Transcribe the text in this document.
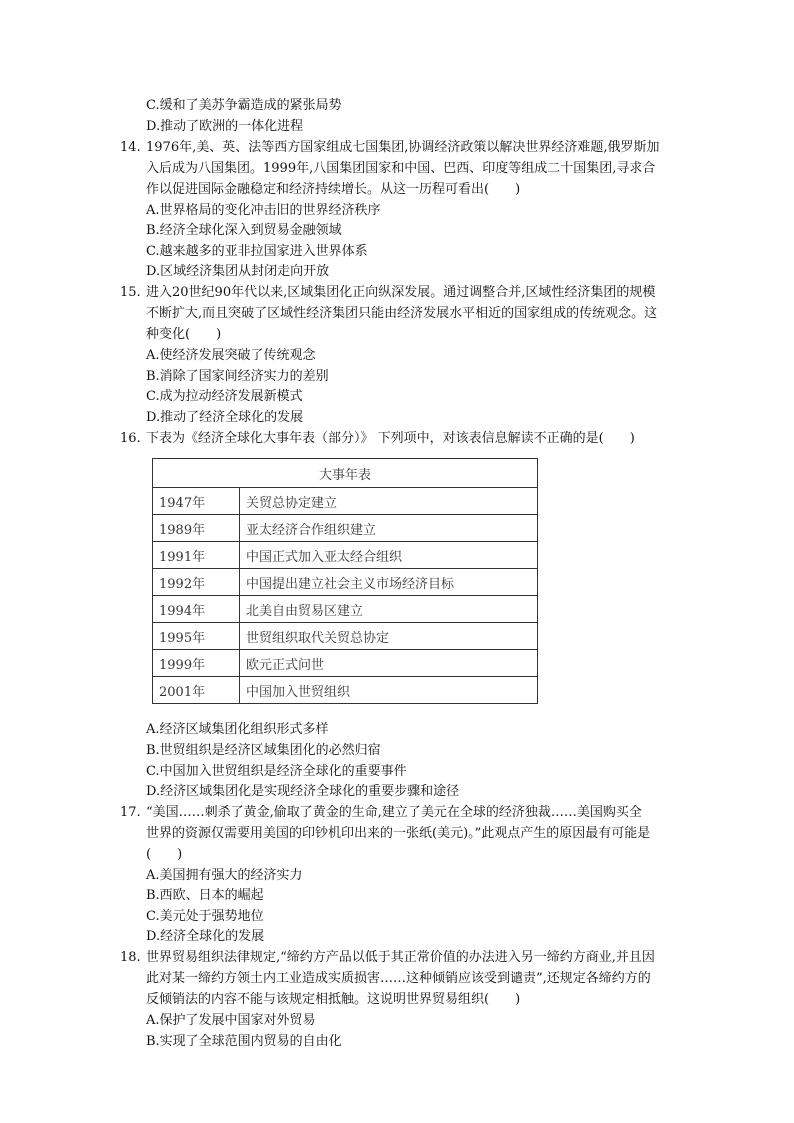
C.缓和了美苏争霸造成的紧张局势
D.推动了欧洲的一体化进程
14. 1976年,美、英、法等西方国家组成七国集团,协调经济政策以解决世界经济难题,俄罗斯加
入后成为八国集团。1999年,八国集团国家和中国、巴西、印度等组成二十国集团,寻求合
作以促进国际金融稳定和经济持续增长。从这一历程可看出(　　)
A.世界格局的变化冲击旧的世界经济秩序
B.经济全球化深入到贸易金融领域
C.越来越多的亚非拉国家进入世界体系
D.区域经济集团从封闭走向开放
15. 进入20世纪90年代以来,区域集团化正向纵深发展。通过调整合并,区域性经济集团的规模
不断扩大,而且突破了区域性经济集团只能由经济发展水平相近的国家组成的传统观念。这
种变化(　　)
A.使经济发展突破了传统观念
B.消除了国家间经济实力的差别
C.成为拉动经济发展新模式
D.推动了经济全球化的发展
16. 下表为《经济全球化大事年表（部分）》 下列项中，对该表信息解读不正确的是(　　)
大事年表	
1947年	关贸总协定建立
1989年	亚太经济合作组织建立
1991年	中国正式加入亚太经合组织
1992年	中国提出建立社会主义市场经济目标
1994年	北美自由贸易区建立
1995年	世贸组织取代关贸总协定
1999年	欧元正式问世
2001年	中国加入世贸组织
A.经济区域集团化组织形式多样
B.世贸组织是经济区域集团化的必然归宿
C.中国加入世贸组织是经济全球化的重要事件
D.经济区域集团化是实现经济全球化的重要步骤和途径
17. “美国……刺杀了黄金,偷取了黄金的生命,建立了美元在全球的经济独裁……美国购买全
世界的资源仅需要用美国的印钞机印出来的一张纸(美元)。”此观点产生的原因最有可能是
(　　)
A.美国拥有强大的经济实力
B.西欧、日本的崛起
C.美元处于强势地位
D.经济全球化的发展
18. 世界贸易组织法律规定,“缔约方产品以低于其正常价值的办法进入另一缔约方商业,并且因
此对某一缔约方领土内工业造成实质损害……这种倾销应该受到谴责”,还规定各缔约方的
反倾销法的内容不能与该规定相抵触。这说明世界贸易组织(　　)
A.保护了发展中国家对外贸易
B.实现了全球范围内贸易的自由化
